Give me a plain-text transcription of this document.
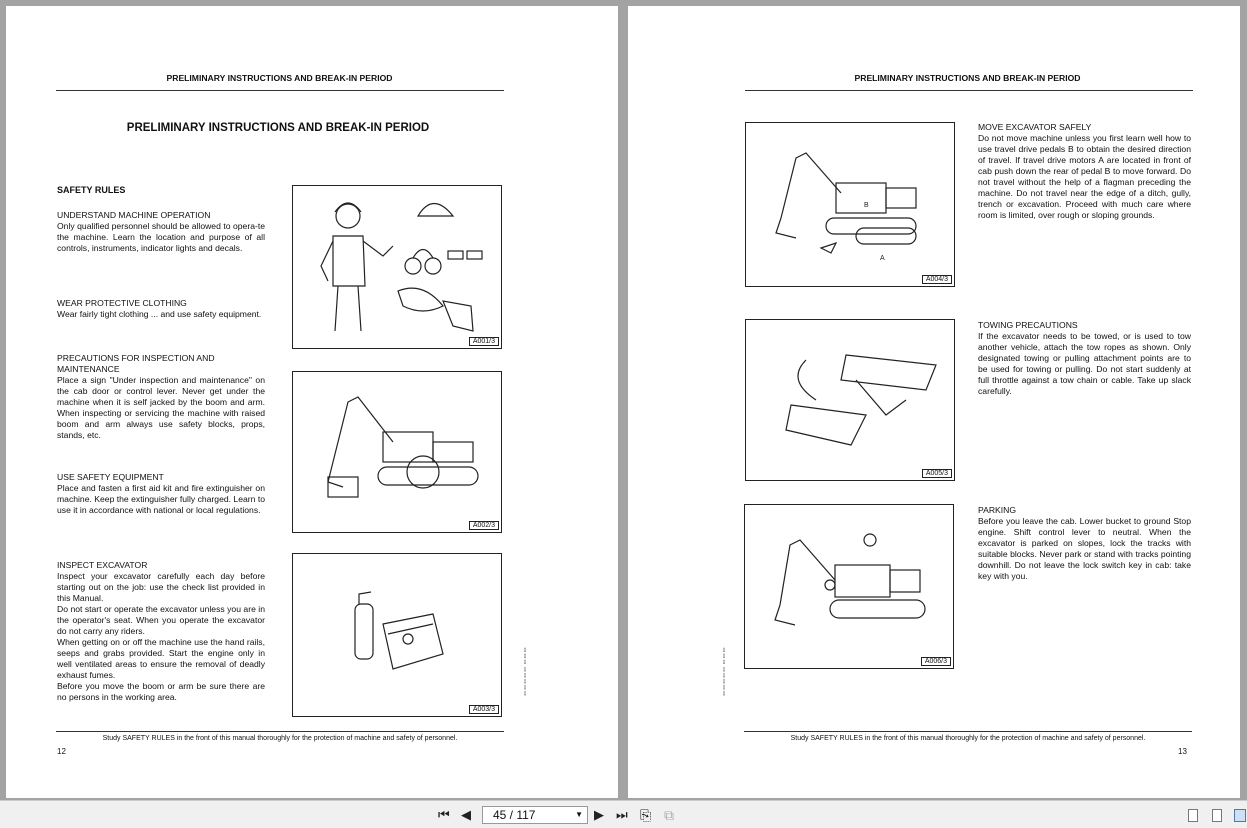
PRELIMINARY INSTRUCTIONS AND BREAK-IN PERIOD
PRELIMINARY INSTRUCTIONS AND BREAK-IN PERIOD
SAFETY RULES
UNDERSTAND MACHINE OPERATION
Only qualified personnel should be allowed to opera-te the machine. Learn the location and purpose of all controls, instruments, indicator lights and decals.
WEAR PROTECTIVE CLOTHING
Wear fairly tight clothing ... and use safety equipment.
PRECAUTIONS FOR INSPECTION AND MAINTENANCE
Place a sign "Under inspection and maintenance" on the cab door or control lever. Never get under the machine when it is self jacked by the boom and arm. When inspecting or servicing the machine with raised boom and arm always use safety blocks, props, stands, etc.
USE SAFETY EQUIPMENT
Place and fasten a first aid kit and fire extinguisher on machine. Keep the extinguisher fully charged. Learn to use it in accordance with national or local regulations.
INSPECT EXCAVATOR
Inspect your excavator carefully each day before starting out on the job: use the check list provided in this Manual.
Do not start or operate the excavator unless you are in the operator's seat. When you operate the excavator do not carry any riders.
When getting on or off the machine use the hand rails, seeps and grabs provided. Start the engine only in well ventilated areas to ensure the removal of deadly exhaust fumes.
Before you move the boom or arm be sure there are no persons in the working area.
A001/3
A002/3
A003/3
▯▯▯▯▯ ▯▯▯
Study SAFETY RULES in the front of this manual thoroughly for the protection of machine and safety of personnel.
12
PRELIMINARY INSTRUCTIONS AND BREAK-IN PERIOD
MOVE EXCAVATOR SAFELY
Do not move machine unless you first learn well how to use travel drive pedals B to obtain the desired direction of travel. If travel drive motors A are located in front of cab push down the rear of pedal B to move forward. Do not travel without the help of a flagman preceding the machine. Do not travel near the edge of a ditch, gully, trench or excavation. Proceed with much care where room is limited, over rough or sloping grounds.
TOWING PRECAUTIONS
If the excavator needs to be towed, or is used to tow another vehicle, attach the tow ropes as shown. Only designated towing or pulling attachment points are to be used for towing or pulling. Do not start suddenly at full throttle against a tow chain or cable. Take up slack carefully.
PARKING
Before you leave the cab. Lower bucket to ground Stop engine. Shift control lever to neutral. When the excavator is parked on slopes, lock the tracks with suitable blocks. Never park or stand with tracks pointing downhill. Do not leave the lock switch key in cab: take key with you.
B
A
A004/3
A005/3
A006/3
▯▯▯▯▯ ▯▯▯
Study SAFETY RULES in the front of this manual thoroughly for the protection of machine and safety of personnel.
13
⏮ ◀	45 / 117	▼ ▶ ⏭ ⎘ ⧉
